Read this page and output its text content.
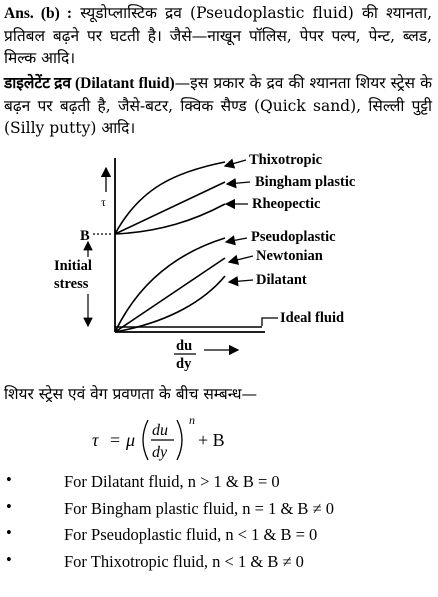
Ans. (b) : स्यूडोप्लास्टिक द्रव (Pseudoplastic fluid) की श्यानता, प्रतिबल बढ़ने पर घटती है। जैसे—नाखून पॉलिस, पेपर पल्प, पेन्ट, ब्लड, मिल्क आदि।
डाइलेटेंट द्रव (Dilatant fluid)—इस प्रकार के द्रव की श्यानता शियर स्ट्रेस के बढ़न पर बढ़ती है, जैसे-बटर, क्विक सैण्ड (Quick sand), सिल्ली पुट्टी (Silly putty) आदि।
τ
B
Initial
stress
Thixotropic
Bingham plastic
Rheopectic
Pseudoplastic
Newtonian
Dilatant
Ideal fluid
du
dy
शियर स्ट्रेस एवं वेग प्रवणता के बीच सम्बन्ध—
τ = μ du
dy
n
+ B
•	For Dilatant fluid, n > 1 & B = 0
•	For Bingham plastic fluid, n = 1 & B ≠ 0
•	For Pseudoplastic fluid, n < 1 & B = 0
•	For Thixotropic fluid, n < 1 & B ≠ 0
